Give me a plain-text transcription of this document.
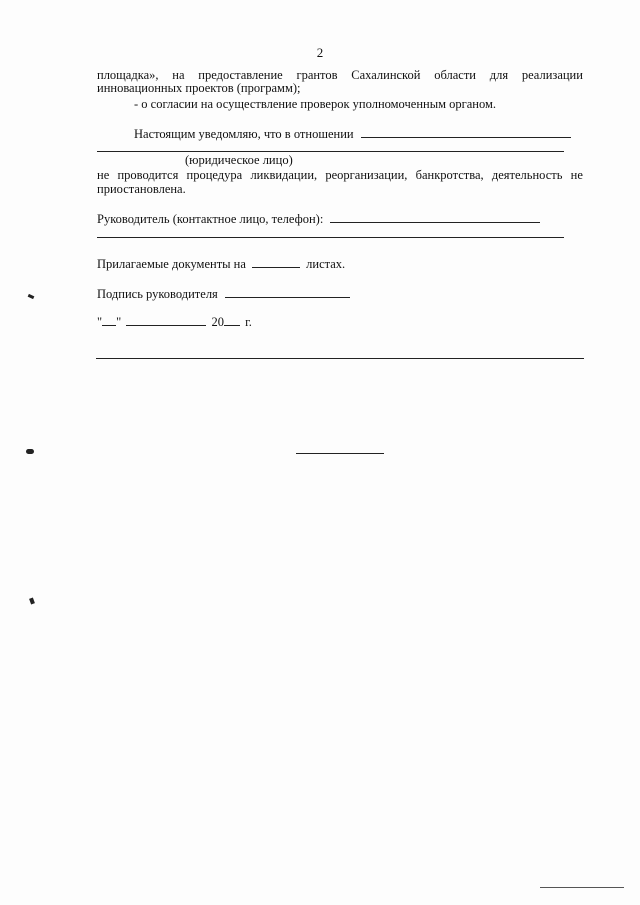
2
площадка», на предоставление грантов Сахалинской области для реализации
инновационных проектов (программ);
- о согласии на осуществление проверок уполномоченным органом.
Настоящим уведомляю, что в отношении
(юридическое лицо)
не проводится процедура ликвидации, реорганизации, банкротства, деятельность не
приостановлена.
Руководитель (контактное лицо, телефон):
Прилагаемые документы на	листах.
Подпись руководителя
" "	20 г.
